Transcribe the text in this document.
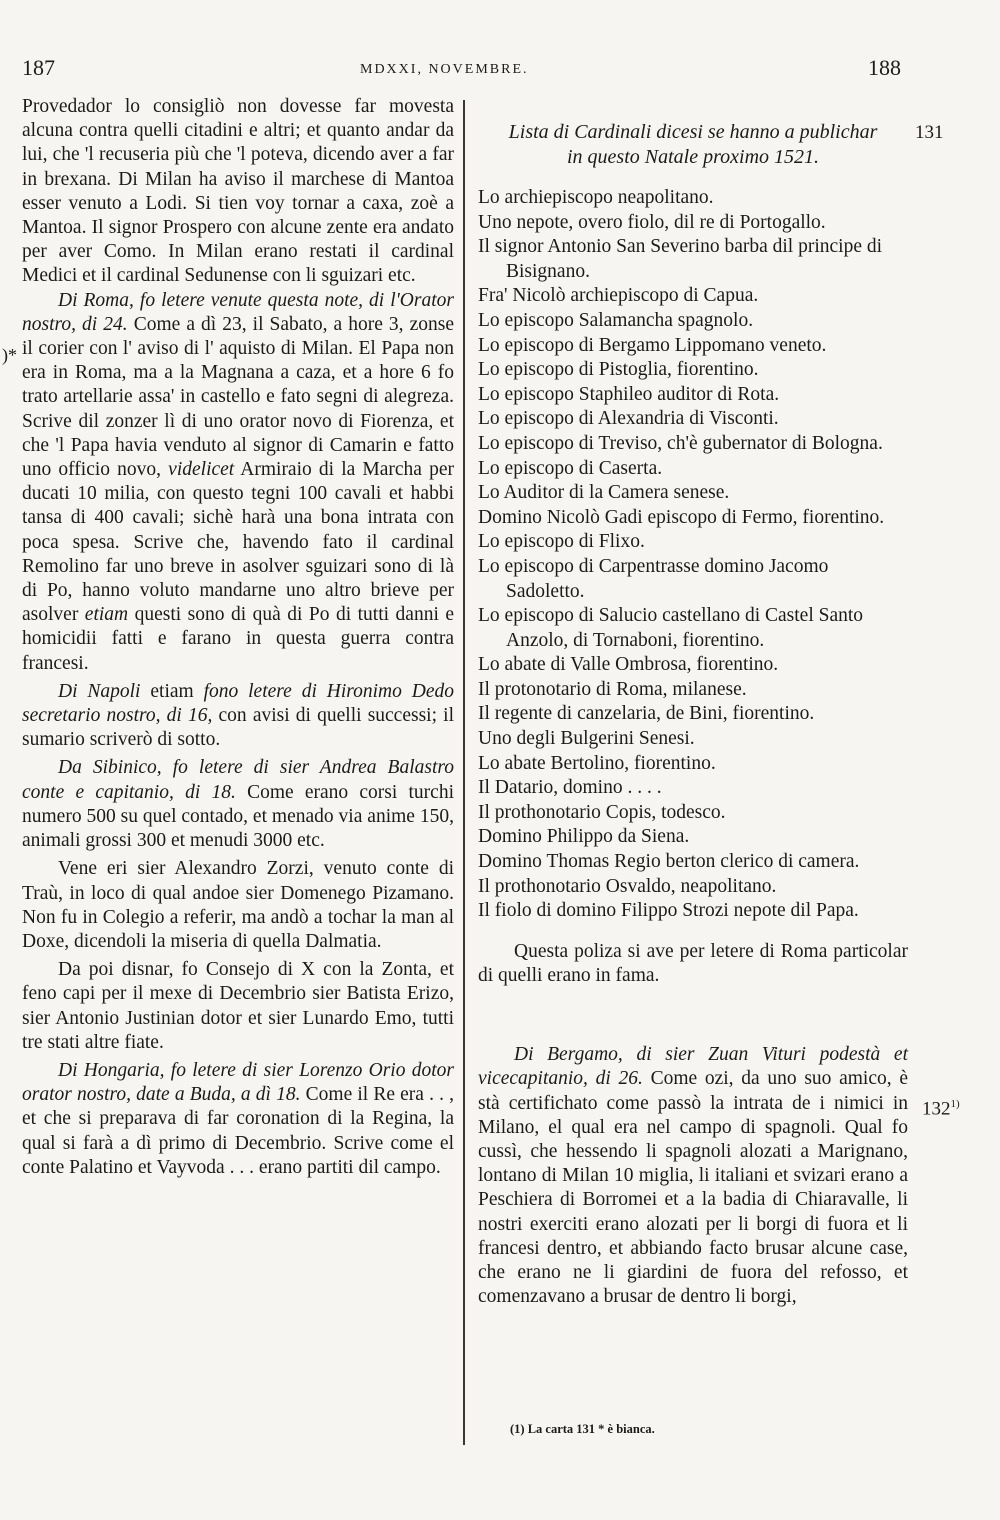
187	MDXXI, NOVEMBRE.	188
)*
131
132$^{1)}$

Provedador lo consigliò non dovesse far movesta alcuna contra quelli citadini e altri; et quanto andar da lui, che 'l recuseria più che 'l poteva, dicendo aver a far in brexana. Di Milan ha aviso il marchese di Mantoa esser venuto a Lodi. Si tien voy tornar a caxa, zoè a Mantoa. Il signor Prospero con alcune zente era andato per aver Como. In Milan erano restati il cardinal Medici et il cardinal Sedunense con li sguizari etc.

Di Roma, fo letere venute questa note, di l'Orator nostro, di 24. Come a dì 23, il Sabato, a hore 3, zonse il corier con l' aviso di l' aquisto di Milan. El Papa non era in Roma, ma a la Magnana a caza, et a hore 6 fo trato artellarie assa' in castello e fato segni di alegreza. Scrive dil zonzer lì di uno orator novo di Fiorenza, et che 'l Papa havia venduto al signor di Camarin e fatto uno officio novo, videlicet Armiraio di la Marcha per ducati 10 milia, con questo tegni 100 cavali et habbi tansa di 400 cavali; sichè harà una bona intrata con poca spesa. Scrive che, havendo fato il cardinal Remolino far uno breve in asolver sguizari sono di là di Po, hanno voluto mandarne uno altro brieve per asolver etiam questi sono di quà di Po di tutti danni e homicidii fatti e farano in questa guerra contra francesi.

Di Napoli etiam fono letere di Hironimo Dedo secretario nostro, di 16, con avisi di quelli successi; il sumario scriverò di sotto.

Da Sibinico, fo letere di sier Andrea Balastro conte e capitanio, di 18. Come erano corsi turchi numero 500 su quel contado, et menado via anime 150, animali grossi 300 et menudi 3000 etc.

Vene eri sier Alexandro Zorzi, venuto conte di Traù, in loco di qual andoe sier Domenego Pizamano. Non fu in Colegio a referir, ma andò a tochar la man al Doxe, dicendoli la miseria di quella Dalmatia.

Da poi disnar, fo Consejo di X con la Zonta, et feno capi per il mexe di Decembrio sier Batista Erizo, sier Antonio Justinian dotor et sier Lunardo Emo, tutti tre stati altre fiate.

Di Hongaria, fo letere di sier Lorenzo Orio dotor orator nostro, date a Buda, a dì 18. Come il Re era . . , et che si preparava di far coronation di la Regina, la qual si farà a dì primo di Decembrio. Scrive come el conte Palatino et Vayvoda . . . erano partiti dil campo.

Lista di Cardinali dicesi se hanno a publichar
in questo Natale proximo 1521.

Lo archiepiscopo neapolitano.

Uno nepote, overo fiolo, dil re di Portogallo.

Il signor Antonio San Severino barba dil principe di Bisignano.

Fra' Nicolò archiepiscopo di Capua.

Lo episcopo Salamancha spagnolo.

Lo episcopo di Bergamo Lippomano veneto.

Lo episcopo di Pistoglia, fiorentino.

Lo episcopo Staphileo auditor di Rota.

Lo episcopo di Alexandria di Visconti.

Lo episcopo di Treviso, ch'è gubernator di Bologna.

Lo episcopo di Caserta.

Lo Auditor di la Camera senese.

Domino Nicolò Gadi episcopo di Fermo, fiorentino.

Lo episcopo di Flixo.

Lo episcopo di Carpentrasse domino Jacomo Sadoletto.

Lo episcopo di Salucio castellano di Castel Santo Anzolo, di Tornaboni, fiorentino.

Lo abate di Valle Ombrosa, fiorentino.

Il protonotario di Roma, milanese.

Il regente di canzelaria, de Bini, fiorentino.

Uno degli Bulgerini Senesi.

Lo abate Bertolino, fiorentino.

Il Datario, domino . . . .

Il prothonotario Copis, todesco.

Domino Philippo da Siena.

Domino Thomas Regio berton clerico di camera.

Il prothonotario Osvaldo, neapolitano.

Il fiolo di domino Filippo Strozi nepote dil Papa.

Questa poliza si ave per letere di Roma particolar di quelli erano in fama.

Di Bergamo, di sier Zuan Vituri podestà et vicecapitanio, di 26. Come ozi, da uno suo amico, è stà certifichato come passò la intrata de i nimici in Milano, el qual era nel campo di spagnoli. Qual fo cussì, che hessendo li spagnoli alozati a Marignano, lontano di Milan 10 miglia, li italiani et svizari erano a Peschiera di Borromei et a la badia di Chiaravalle, li nostri exerciti erano alozati per li borgi di fuora et li francesi dentro, et abbiando facto brusar alcune case, che erano ne li giardini de fuora del refosso, et comenzavano a brusar de dentro li borgi,

(1) La carta 131 * è bianca.
